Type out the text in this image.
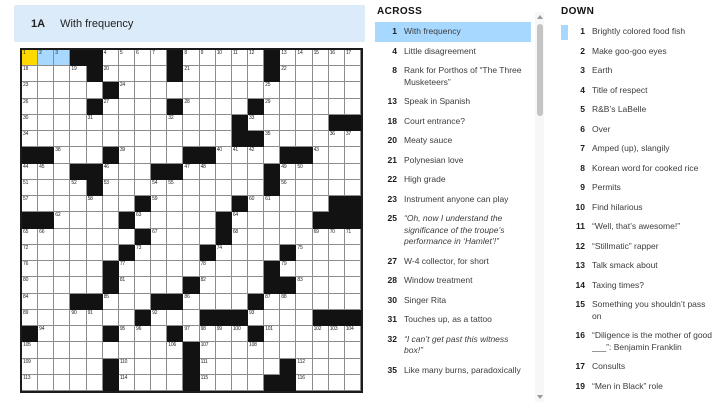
1A With frequency
1	2	3	4	5	6	7	8	9	10 11 12	13 14 15 16 17
18	19	20	21	22
23	24	25
26	27	28	29
30	31	32	33
34	35	36 37
38	39	40 41 42	43
44 45	46	47 48	49 50
51	52	53	54 55	56
57	58	59	60 61
62	63	64
65 66	67	68	69 70 71
72	73	74	75
76	77	78	79
80	81	82	83
84	85	86	87 88
89	90 91	92	93
94	95 96	97 98 99 100	101	102 103 104
105	106	107	108
109	110	111	112
113	114	115	116
ACROSS
1 With frequency
4 Little disagreement
8 Rank for Porthos of “The Three Musketeers”
13 Speak in Spanish
18 Court entrance?
20 Meaty sauce
21 Polynesian love
22 High grade
23 Instrument anyone can play
25 “Oh, now I understand the significance of the troupe’s performance in ‘Hamlet’!”
27 W-4 collector, for short
28 Window treatment
30 Singer Rita
31 Touches up, as a tattoo
32 “I can’t get past this witness box!”
35 Like many burns, paradoxically
DOWN
1 Brightly colored food fish
2 Make goo-goo eyes
3 Earth
4 Title of respect
5 R&B’s LaBelle
6 Over
7 Amped (up), slangily
8 Korean word for cooked rice
9 Permits
10 Find hilarious
11 “Well, that’s awesome!”
12 “Stillmatic” rapper
13 Talk smack about
14 Taxing times?
15 Something you shouldn’t pass on
16 “Diligence is the mother of good ___”: Benjamin Franklin
17 Consults
19 “Men in Black” role
